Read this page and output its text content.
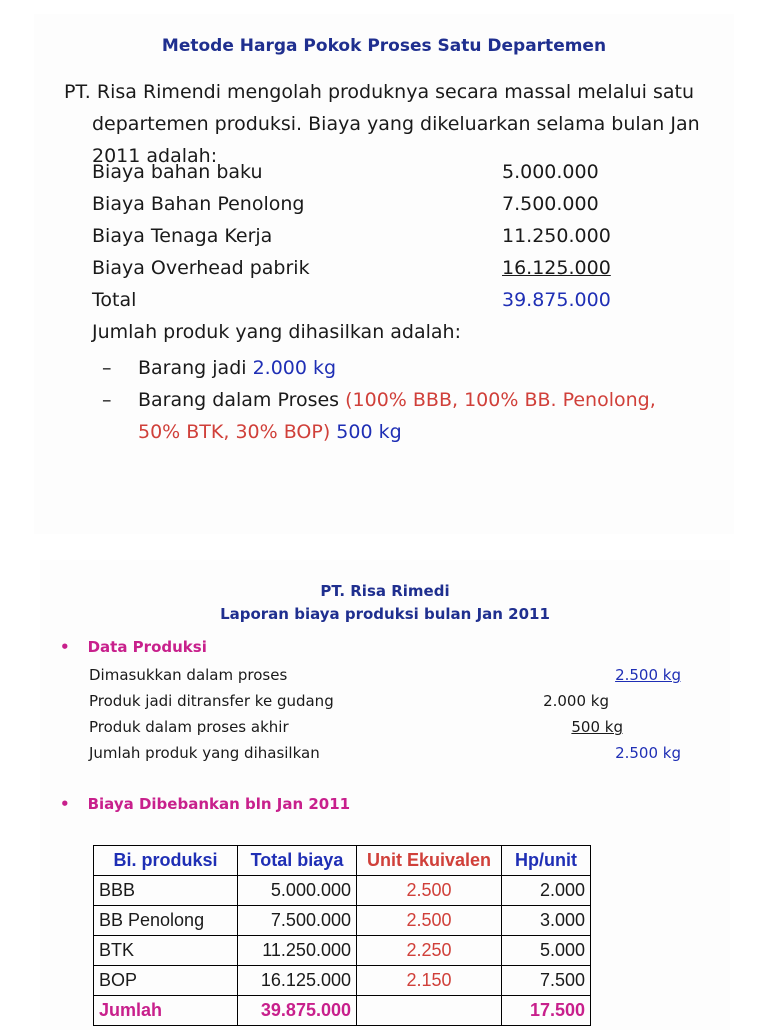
Metode Harga Pokok Proses Satu Departemen
PT. Risa Rimendi mengolah produknya secara massal melalui satu departemen produksi. Biaya yang dikeluarkan selama bulan Jan 2011 adalah:
Biaya bahan baku	5.000.000
Biaya Bahan Penolong	7.500.000
Biaya Tenaga Kerja	11.250.000
Biaya Overhead pabrik	16.125.000
Total	39.875.000
Jumlah produk yang dihasilkan adalah:
– Barang jadi 2.000 kg
– Barang dalam Proses (100% BBB, 100% BB. Penolong, 50% BTK, 30% BOP) 500 kg
PT. Risa Rimedi
Laporan biaya produksi bulan Jan 2011
• Data Produksi
Dimasukkan dalam proses	2.500 kg
Produk jadi ditransfer ke gudang	2.000 kg
Produk dalam proses akhir	500 kg
Jumlah produk yang dihasilkan	2.500 kg
• Biaya Dibebankan bln Jan 2011
Bi. produksi	Total biaya	Unit Ekuivalen	Hp/unit
BBB	5.000.000	2.500	2.000
BB Penolong	7.500.000	2.500	3.000
BTK	11.250.000	2.250	5.000
BOP	16.125.000	2.150	7.500
Jumlah	39.875.000		17.500
